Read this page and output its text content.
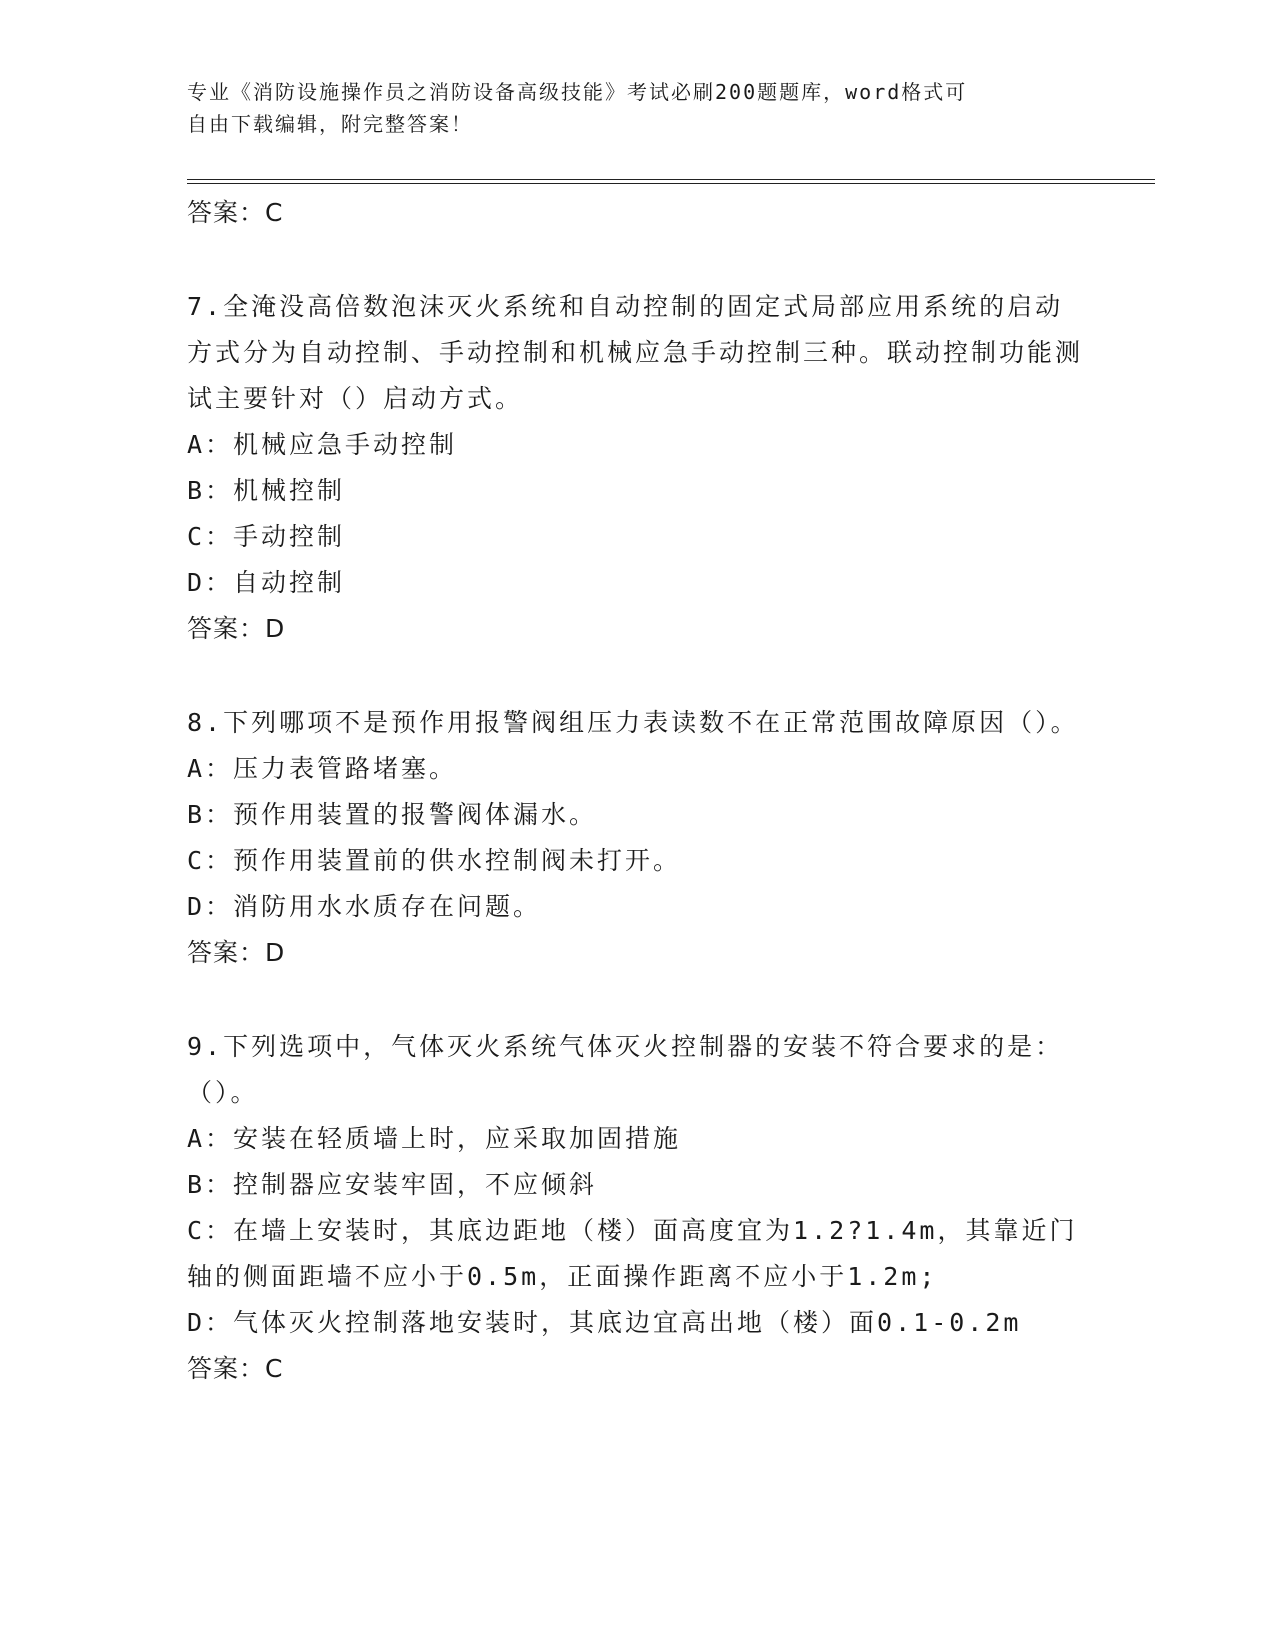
专业《消防设施操作员之消防设备高级技能》考试必刷200题题库，word格式可
自由下载编辑，附完整答案！
答案：C
7.全淹没高倍数泡沫灭火系统和自动控制的固定式局部应用系统的启动方式分为自动控制、手动控制和机械应急手动控制三种。联动控制功能测试主要针对（）启动方式。
A：机械应急手动控制
B：机械控制
C：手动控制
D：自动控制
答案：D
8.下列哪项不是预作用报警阀组压力表读数不在正常范围故障原因（）。
A：压力表管路堵塞。
B：预作用装置的报警阀体漏水。
C：预作用装置前的供水控制阀未打开。
D：消防用水水质存在问题。
答案：D
9.下列选项中，气体灭火系统气体灭火控制器的安装不符合要求的是：（）。
A：安装在轻质墙上时，应采取加固措施
B：控制器应安装牢固，不应倾斜
C：在墙上安装时，其底边距地（楼）面高度宜为1.2?1.4m，其靠近门轴的侧面距墙不应小于0.5m，正面操作距离不应小于1.2m;
D：气体灭火控制落地安装时，其底边宜高出地（楼）面0.1-0.2m
答案：C
